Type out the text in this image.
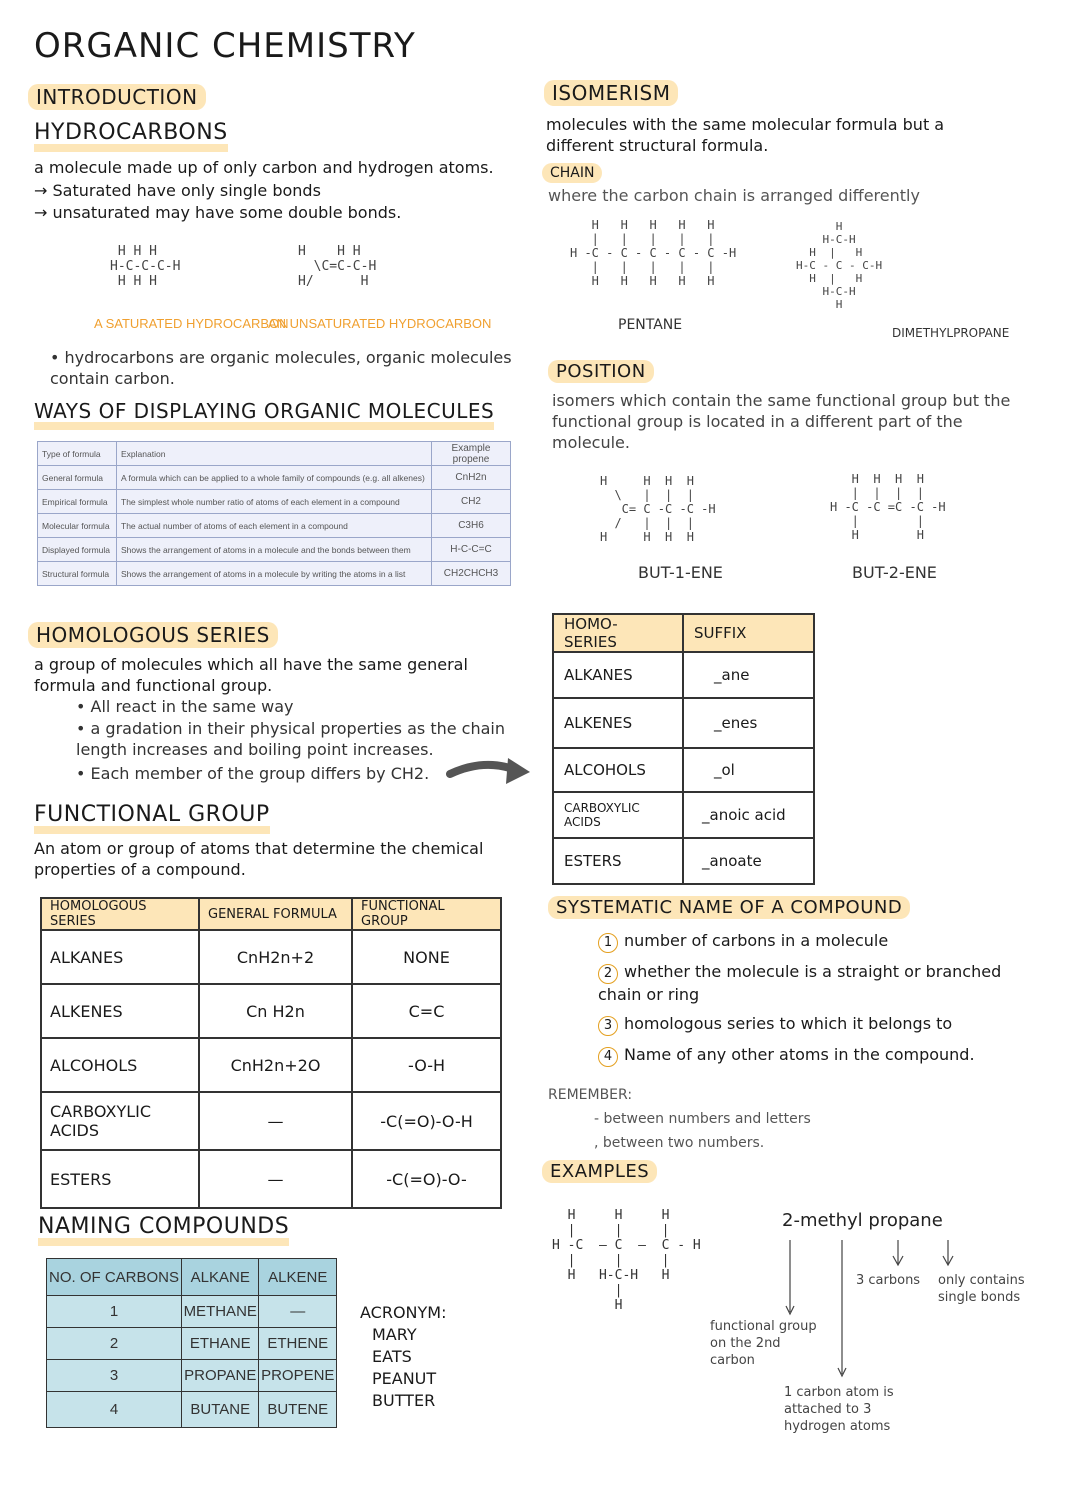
ORGANIC CHEMISTRY
INTRODUCTION
HYDROCARBONS
a molecule made up of only carbon and hydrogen atoms.
→ Saturated have only single bonds
→ unsaturated may have some double bonds.
H H H
H-C-C-C-H
H H H
A SATURATED HYDROCARBON
H    H H
\C=C-C-H
H/      H
AN UNSATURATED HYDROCARBON
• hydrocarbons are organic molecules, organic molecules contain carbon.
WAYS OF DISPLAYING ORGANIC MOLECULES
Type of formula	Explanation	Example propene
General formula	A formula which can be applied to a whole family of compounds (e.g. all alkenes)	CnH2n
Empirical formula	The simplest whole number ratio of atoms of each element in a compound	CH2
Molecular formula	The actual number of atoms of each element in a compound	C3H6
Displayed formula	Shows the arrangement of atoms in a molecule and the bonds between them	H-C-C=C
Structural formula	Shows the arrangement of atoms in a molecule by writing the atoms in a list	CH2CHCH3
HOMOLOGOUS SERIES
a group of molecules which all have the same general formula and functional group.
• All react in the same way
• a gradation in their physical properties as the chain length increases and boiling point increases.
• Each member of the group differs by CH2.
FUNCTIONAL GROUP
An atom or group of atoms that determine the chemical properties of a compound.
HOMOLOGOUS SERIES	GENERAL FORMULA	FUNCTIONAL GROUP
ALKANES	CnH2n+2	NONE
ALKENES	Cn H2n	C=C
ALCOHOLS	CnH2n+2O	-O-H
CARBOXYLIC ACIDS	—	-C(=O)-O-H
ESTERS	—	-C(=O)-O-
NAMING COMPOUNDS
NO. OF CARBONS	ALKANE	ALKENE
1	METHANE	—
2	ETHANE	ETHENE
3	PROPANE	PROPENE
4	BUTANE	BUTENE
ACRONYM:
MARY
EATS
PEANUT
BUTTER
ISOMERISM
molecules with the same molecular formula but a different structural formula.
CHAIN
where the carbon chain is arranged differently
H   H   H   H   H
|   |   |   |   |
H -C - C - C - C - C -H
|   |   |   |   |
H   H   H   H   H
PENTANE
H
H-C-H
H  |   H
H-C - C - C-H
H  |   H
H-C-H
H
DIMETHYLPROPANE
POSITION
isomers which contain the same functional group but the functional group is located in a different part of the molecule.
H     H  H  H
\   |  |  |
C= C -C -C -H
/   |  |  |
H     H  H  H
BUT-1-ENE
H  H  H  H
|  |  |  |
H -C -C =C -C -H
|        |
H        H
BUT-2-ENE
HOMO- SERIES	SUFFIX
ALKANES	_ane
ALKENES	_enes
ALCOHOLS	_ol
CARBOXYLIC ACIDS	_anoic acid
ESTERS	_anoate
SYSTEMATIC NAME OF A COMPOUND
1 number of carbons in a molecule
2 whether the molecule is a straight or branched chain or ring
3 homologous series to which it belongs to
4 Name of any other atoms in the compound.
REMEMBER:
- between numbers and letters
, between two numbers.
EXAMPLES
H     H     H
|     |     |
H -C  — C  —  C - H
|     |     |
H   H-C-H   H
|
H
2-methyl propane
3 carbons only contains single bonds
functional group on the 2nd carbon
1 carbon atom is attached to 3 hydrogen atoms
